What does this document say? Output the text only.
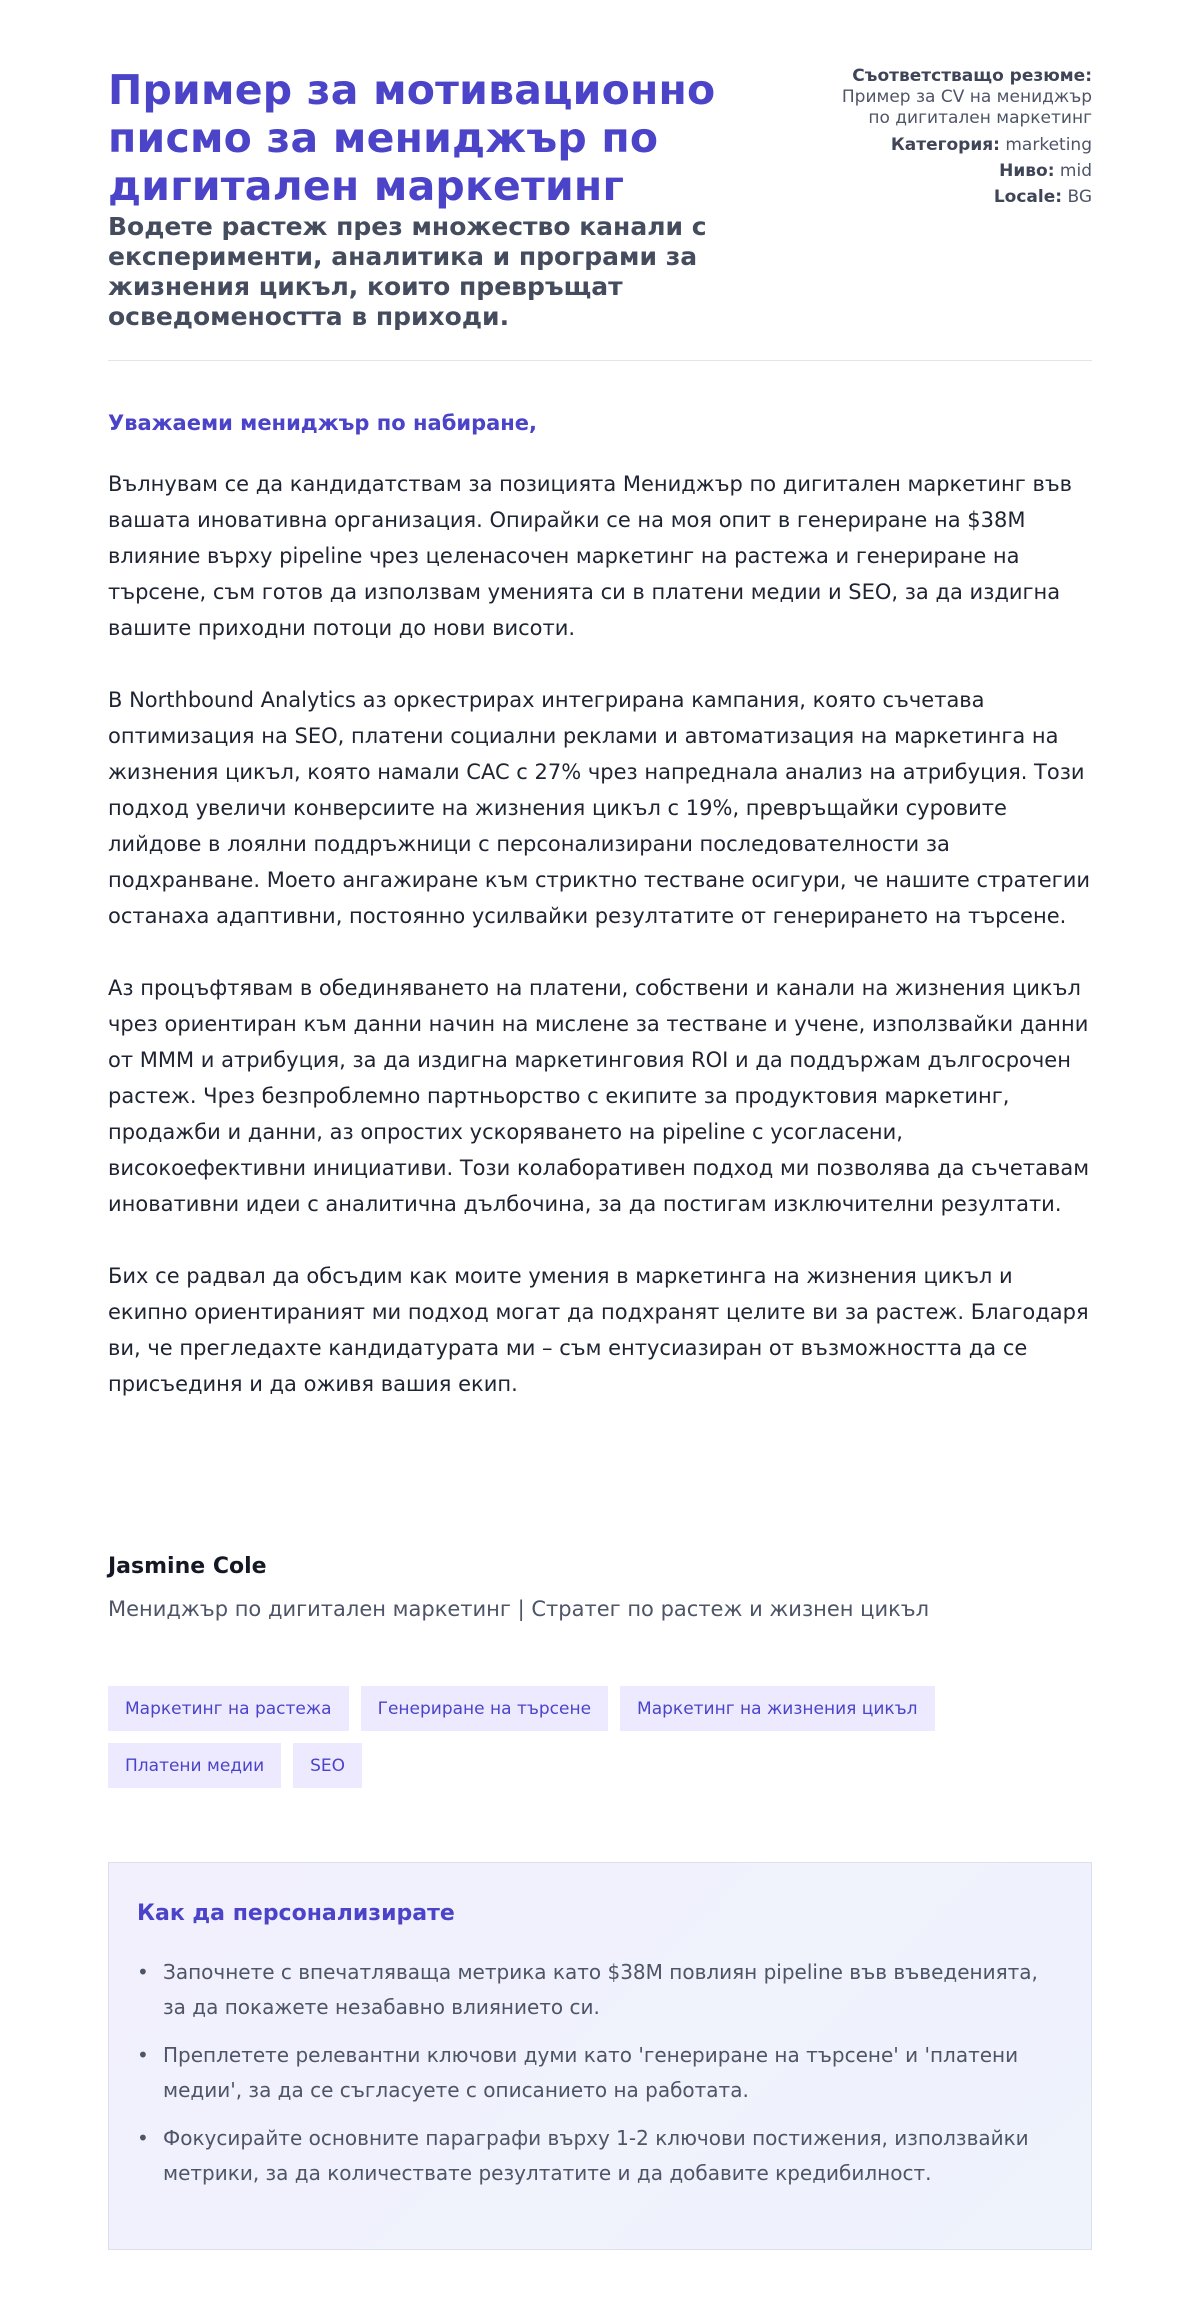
Пример за мотивационно писмо за мениджър по дигитален маркетинг
Водете растеж през множество канали с експерименти, аналитика и програми за жизнения цикъл, които превръщат осведомеността в приходи.
Съответстващо резюме: Пример за CV на мениджър по дигитален маркетинг
Категория: marketing
Ниво: mid
Locale: BG
Уважаеми мениджър по набиране,

Вълнувам се да кандидатствам за позицията Мениджър по дигитален маркетинг във вашата иновативна организация. Опирайки се на моя опит в генериране на $38M влияние върху pipeline чрез целенасочен маркетинг на растежа и генериране на търсене, съм готов да използвам уменията си в платени медии и SEO, за да издигна вашите приходни потоци до нови висоти.

В Northbound Analytics аз оркестрирах интегрирана кампания, която съчетава оптимизация на SEO, платени социални реклами и автоматизация на маркетинга на жизнения цикъл, която намали CAC с 27% чрез напреднала анализ на атрибуция. Този подход увеличи конверсиите на жизнения цикъл с 19%, превръщайки суровите лийдове в лоялни поддръжници с персонализирани последователности за подхранване. Моето ангажиране към стриктно тестване осигури, че нашите стратегии останаха адаптивни, постоянно усилвайки резултатите от генерирането на търсене.

Аз процъфтявам в обединяването на платени, собствени и канали на жизнения цикъл чрез ориентиран към данни начин на мислене за тестване и учене, използвайки данни от MMM и атрибуция, за да издигна маркетинговия ROI и да поддържам дългосрочен растеж. Чрез безпроблемно партньорство с екипите за продуктовия маркетинг, продажби и данни, аз опростих ускоряването на pipeline с усогласени, високоефективни инициативи. Този колаборативен подход ми позволява да съчетавам иновативни идеи с аналитична дълбочина, за да постигам изключителни резултати.

Бих се радвал да обсъдим как моите умения в маркетинга на жизнения цикъл и екипно ориентираният ми подход могат да подхранят целите ви за растеж. Благодаря ви, че прегледахте кандидатурата ми – съм ентусиазиран от възможността да се присъединя и да оживя вашия екип.

Jasmine Cole
Мениджър по дигитален маркетинг | Стратег по растеж и жизнен цикъл
Маркетинг на растежа	Генериране на търсене	Маркетинг на жизнения цикъл
Платени медии	SEO
Как да персонализирате
• Започнете с впечатляваща метрика като $38M повлиян pipeline във въведенията, за да покажете незабавно влиянието си.
• Преплетете релевантни ключови думи като 'генериране на търсене' и 'платени медии', за да се съгласуете с описанието на работата.
• Фокусирайте основните параграфи върху 1-2 ключови постижения, използвайки метрики, за да количествате резултатите и да добавите кредибилност.
